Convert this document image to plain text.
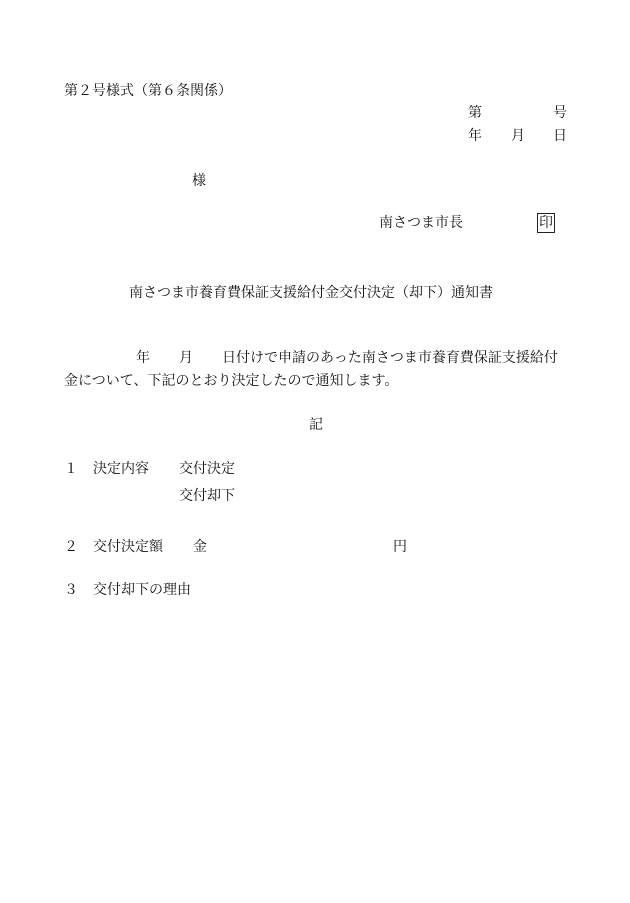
第２号様式（第６条関係）
第	号
年 月 日
様
南さつま市長	印
南さつま市養育費保証支援給付金交付決定（却下）通知書
年 月 日付けで申請のあった南さつま市養育費保証支援給付
金について、下記のとおり決定したので通知します。
記
１ 決定内容 交付決定
交付却下
２ 交付決定額 金	円
３ 交付却下の理由
